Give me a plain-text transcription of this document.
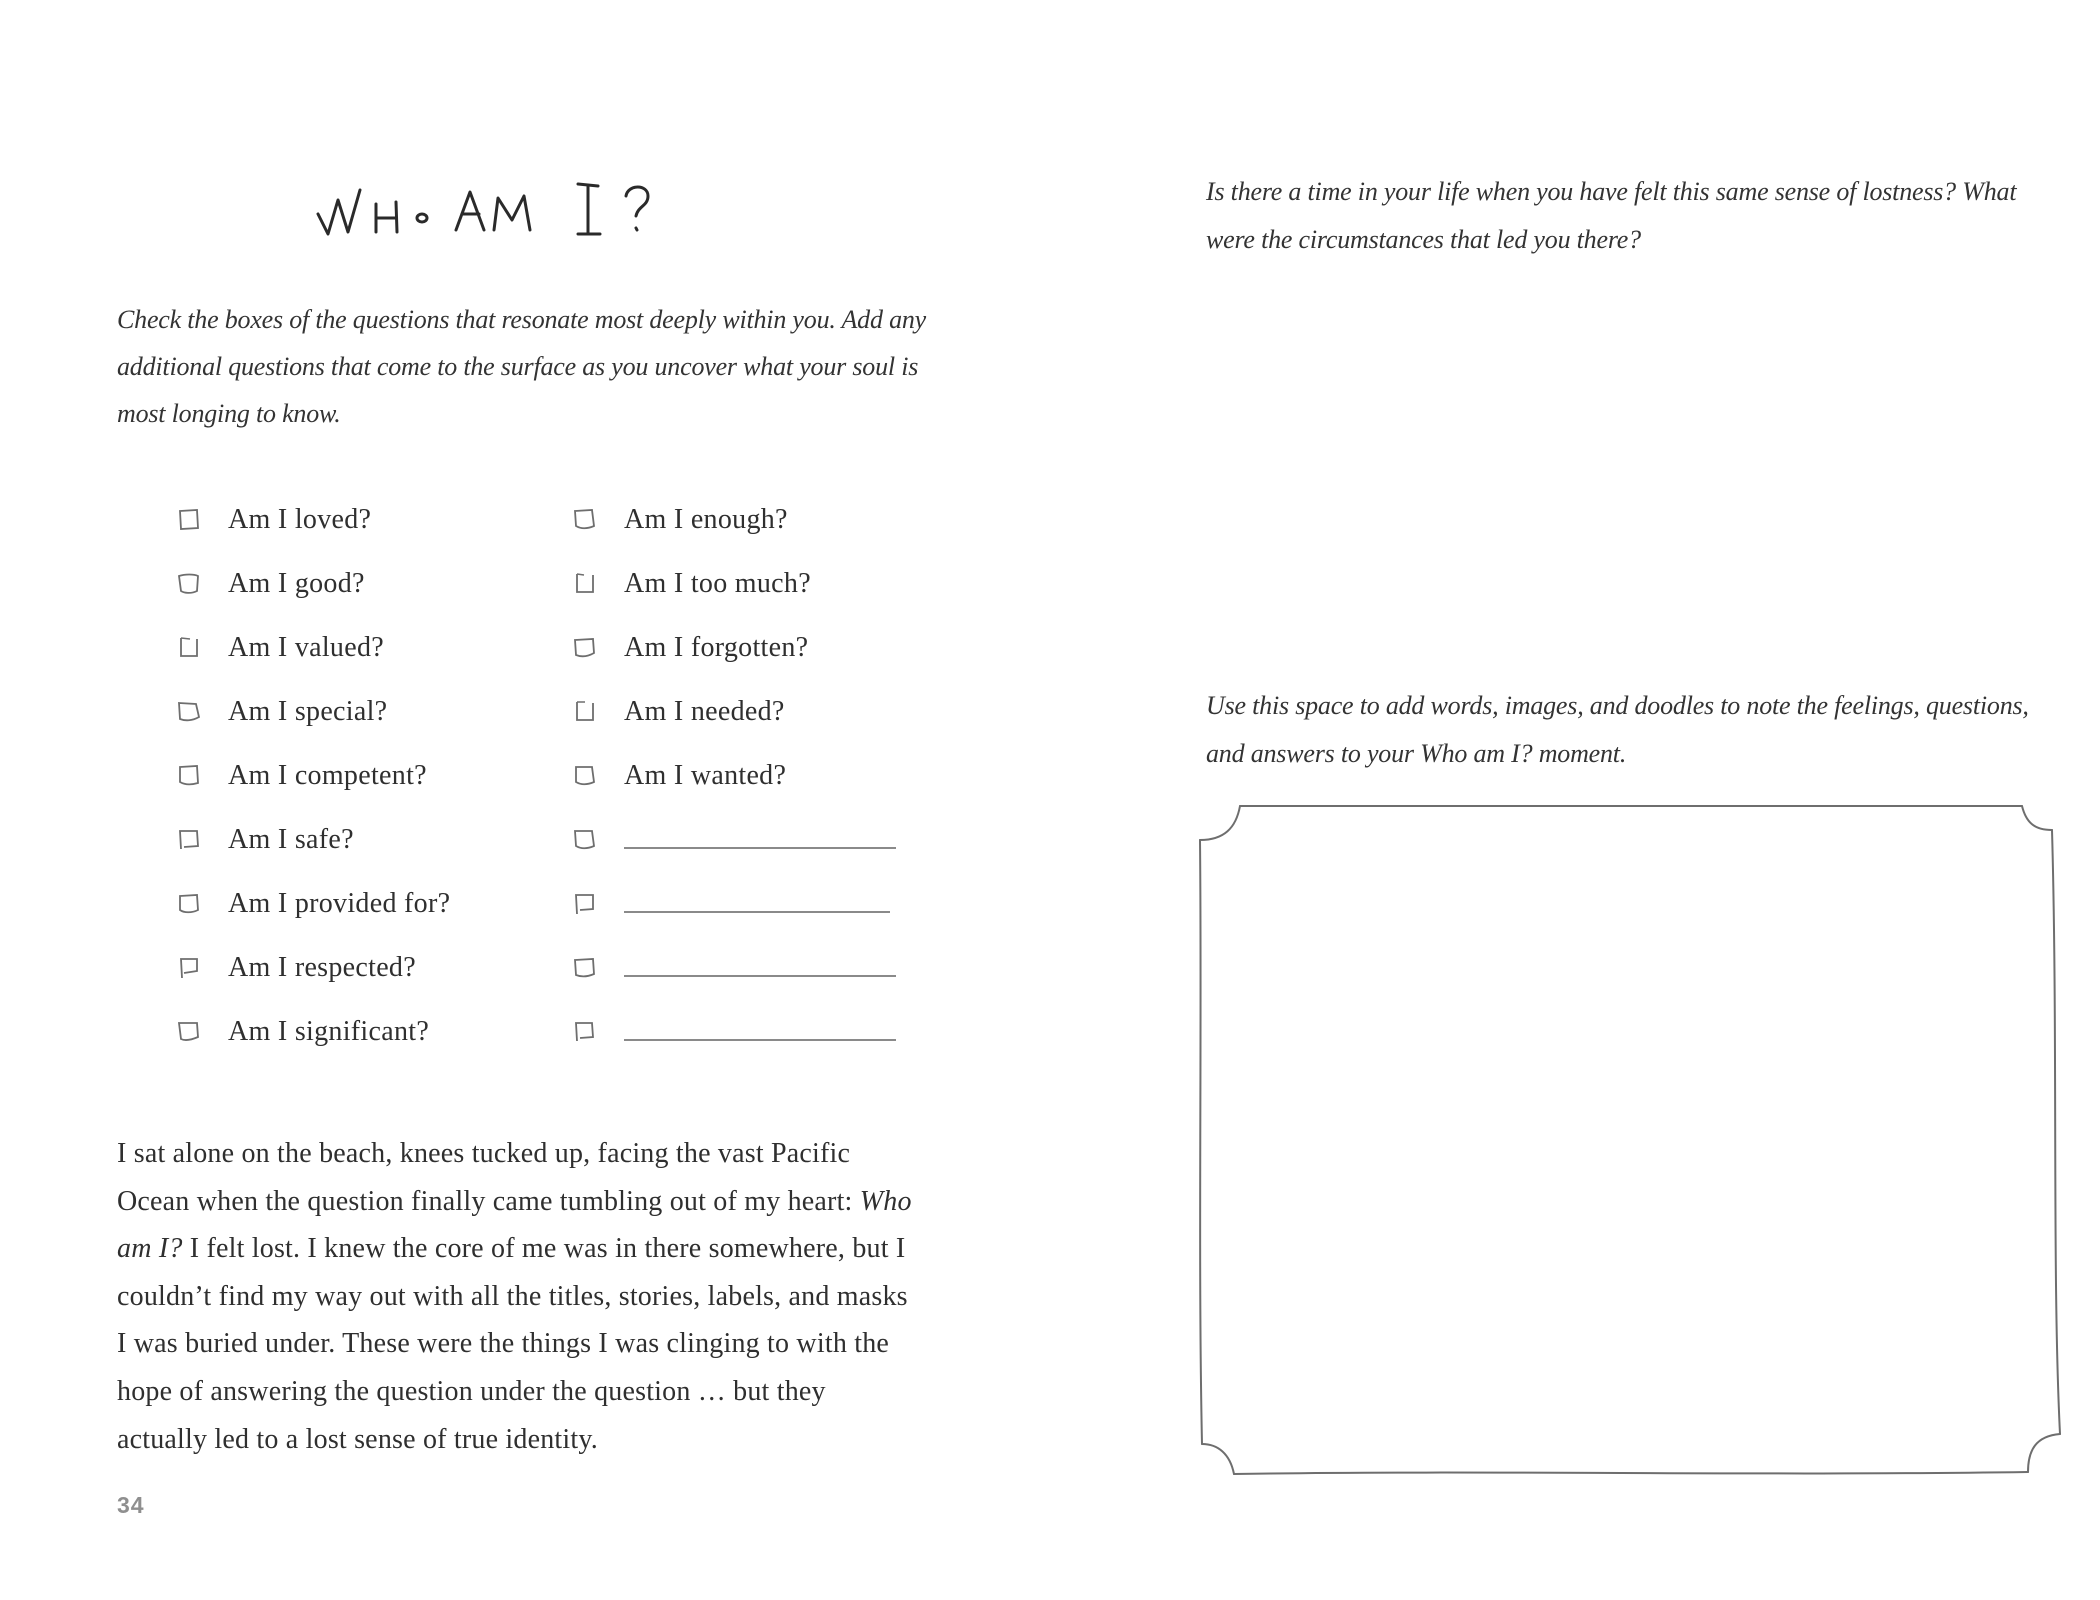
Check the boxes of the questions that resonate most deeply within you. Add any additional questions that come to the surface as you uncover what your soul is most longing to know.

Am I loved?
Am I good?
Am I valued?
Am I special?
Am I competent?
Am I safe?
Am I provided for?
Am I respected?
Am I significant?
Am I enough?
Am I too much?
Am I forgotten?
Am I needed?
Am I wanted?

I sat alone on the beach, knees tucked up, facing the vast Pacific Ocean when the question finally came tumbling out of my heart: Who am I? I felt lost. I knew the core of me was in there somewhere, but I couldn’t find my way out with all the titles, stories, labels, and masks I was buried under. These were the things I was clinging to with the hope of answering the question under the question … but they actually led to a lost sense of true identity.

34

Is there a time in your life when you have felt this same sense of lostness? What were the circumstances that led you there?

Use this space to add words, images, and doodles to note the feelings, questions, and answers to your Who am I? moment.
